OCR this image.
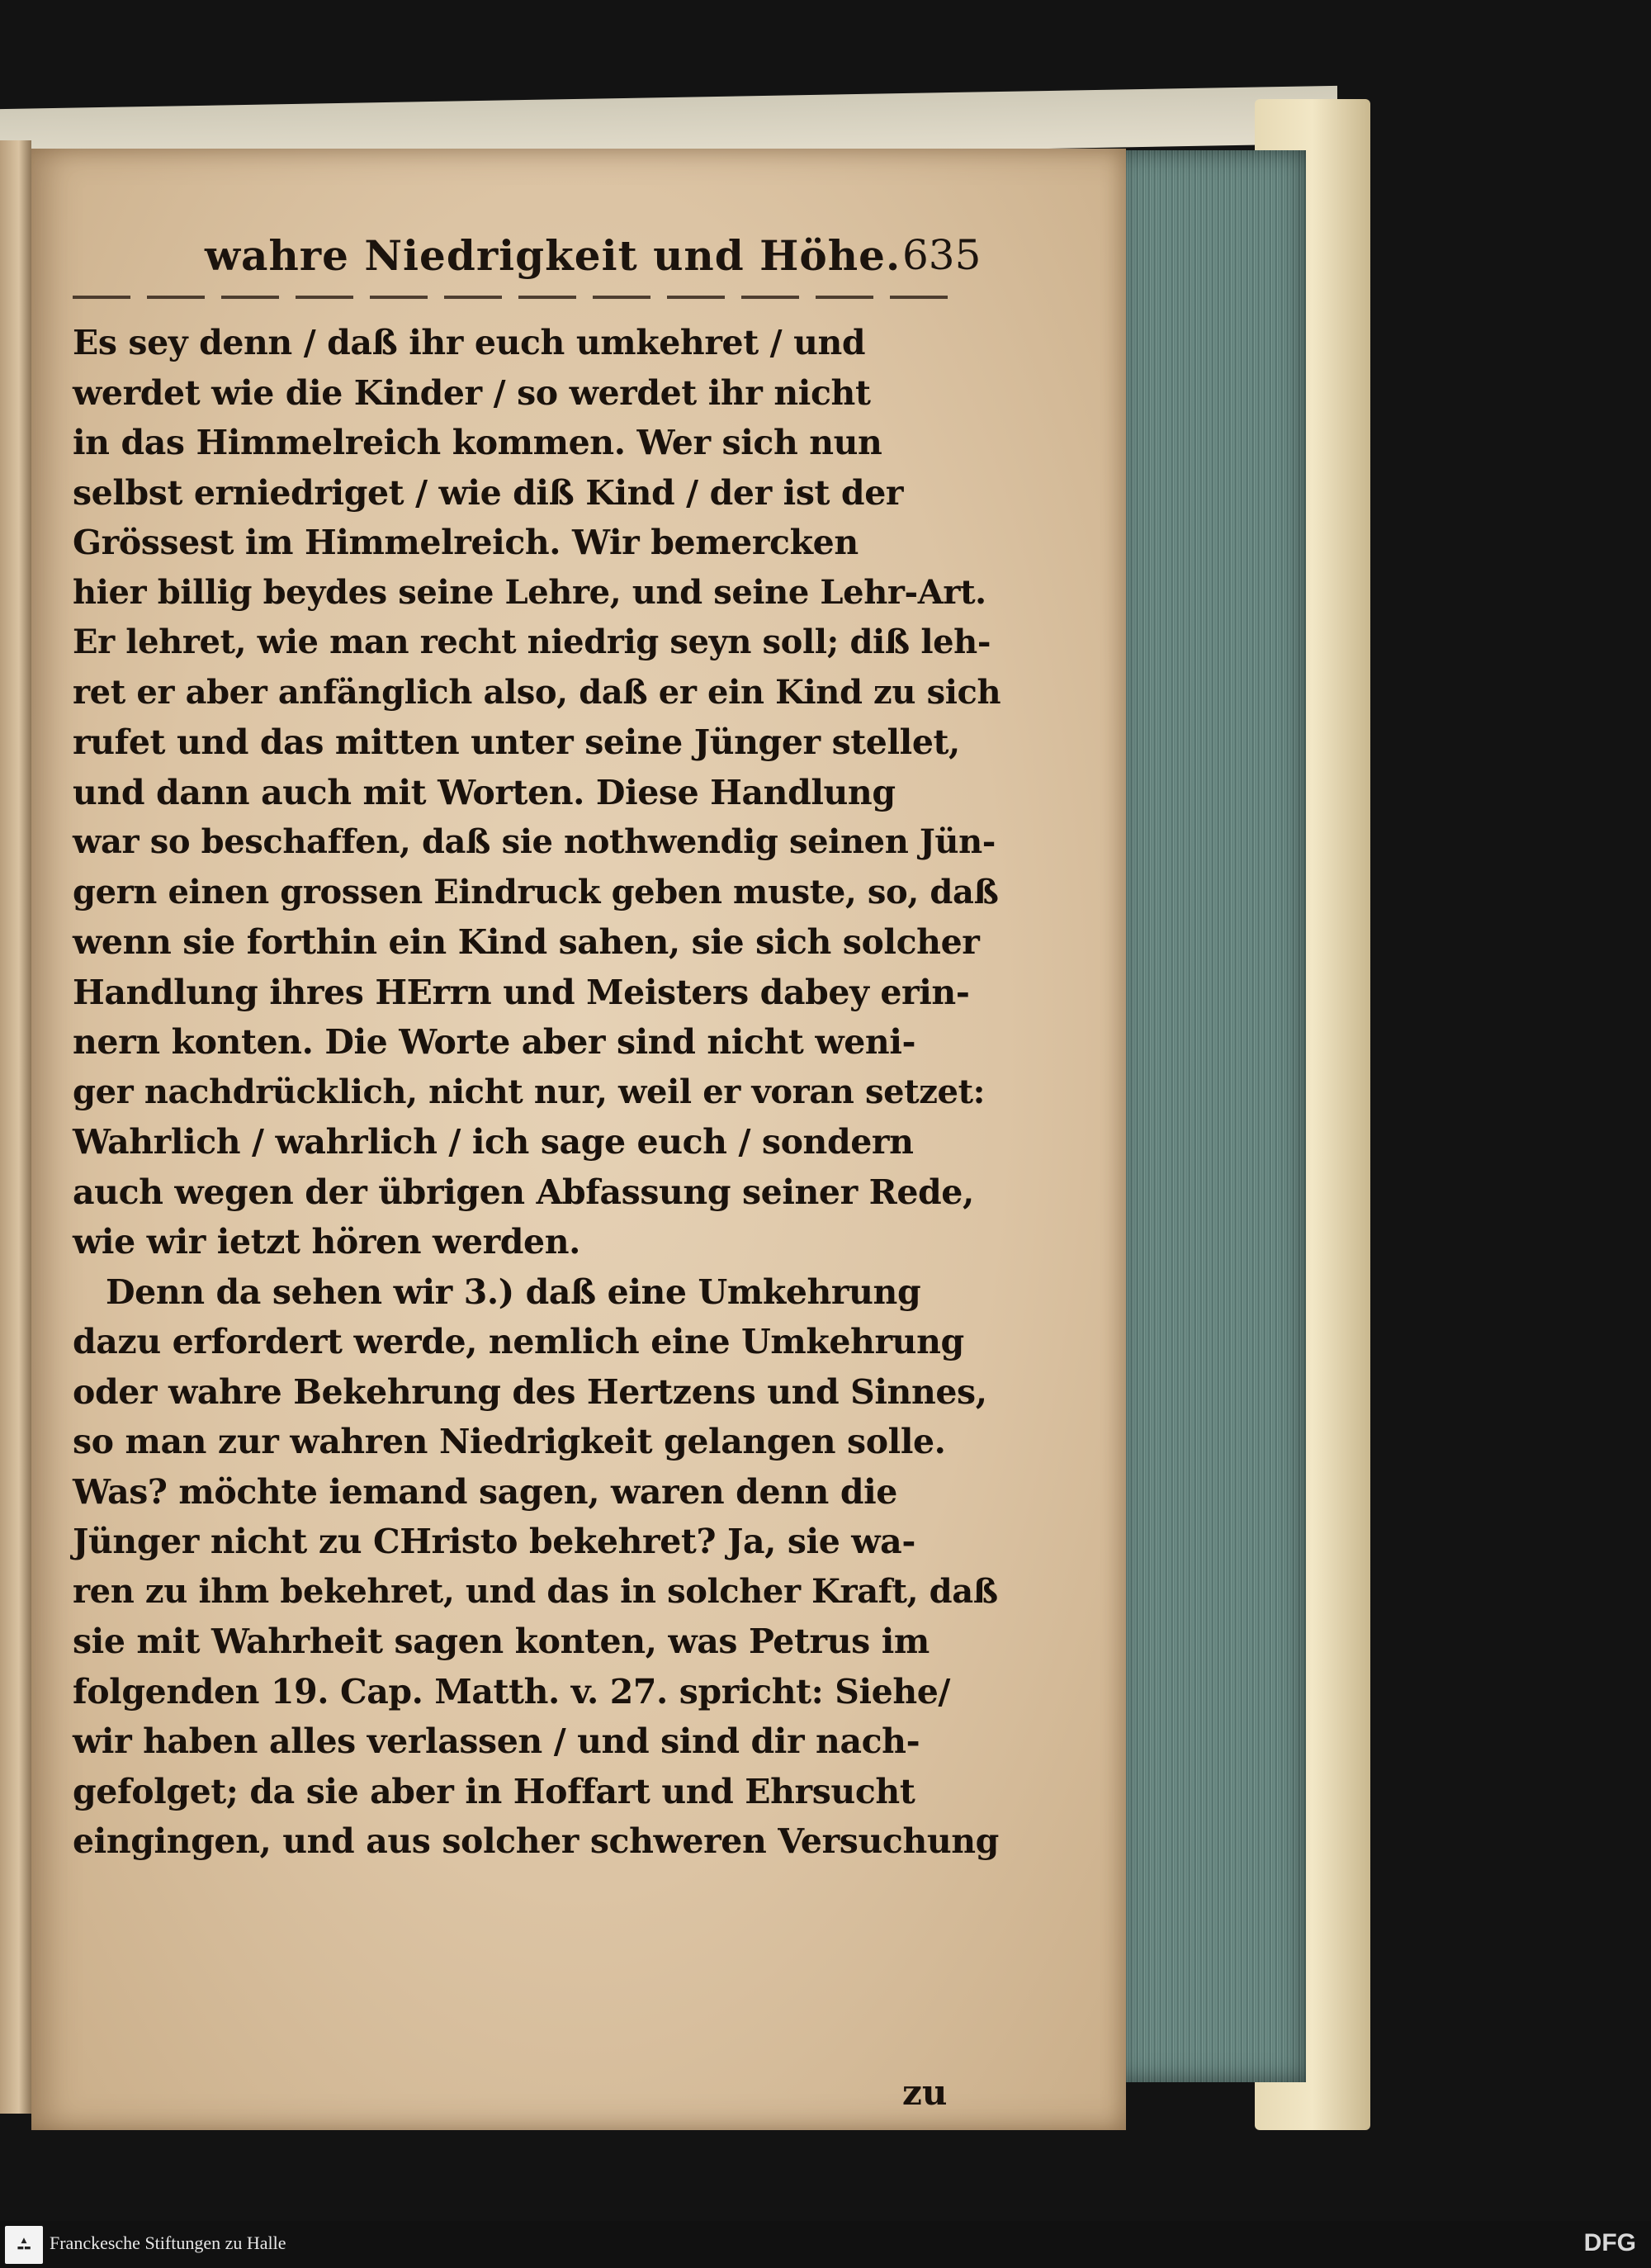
wahre Niedrigkeit und Höhe. 635
Es sey denn / daß ihr euch umkehret / und
werdet wie die Kinder / so werdet ihr nicht
in das Himmelreich kommen. Wer sich nun
selbst erniedriget / wie diß Kind / der ist der
Grössest im Himmelreich. Wir bemercken
hier billig beydes seine Lehre, und seine Lehr-Art.
Er lehret, wie man recht niedrig seyn soll; diß leh-
ret er aber anfänglich also, daß er ein Kind zu sich
rufet und das mitten unter seine Jünger stellet,
und dann auch mit Worten. Diese Handlung
war so beschaffen, daß sie nothwendig seinen Jün-
gern einen grossen Eindruck geben muste, so, daß
wenn sie forthin ein Kind sahen, sie sich solcher
Handlung ihres HErrn und Meisters dabey erin-
nern konten. Die Worte aber sind nicht weni-
ger nachdrücklich, nicht nur, weil er voran setzet:
Wahrlich / wahrlich / ich sage euch / sondern
auch wegen der übrigen Abfassung seiner Rede,
wie wir ietzt hören werden.
Denn da sehen wir 3.) daß eine Umkehrung
dazu erfordert werde, nemlich eine Umkehrung
oder wahre Bekehrung des Hertzens und Sinnes,
so man zur wahren Niedrigkeit gelangen solle.
Was? möchte iemand sagen, waren denn die
Jünger nicht zu CHristo bekehret? Ja, sie wa-
ren zu ihm bekehret, und das in solcher Kraft, daß
sie mit Wahrheit sagen konten, was Petrus im
folgenden 19. Cap. Matth. v. 27. spricht: Siehe/
wir haben alles verlassen / und sind dir nach-
gefolget; da sie aber in Hoffart und Ehrsucht
eingingen, und aus solcher schweren Versuchung
zu
▲
▬▬ Franckesche Stiftungen zu Halle	DFG
